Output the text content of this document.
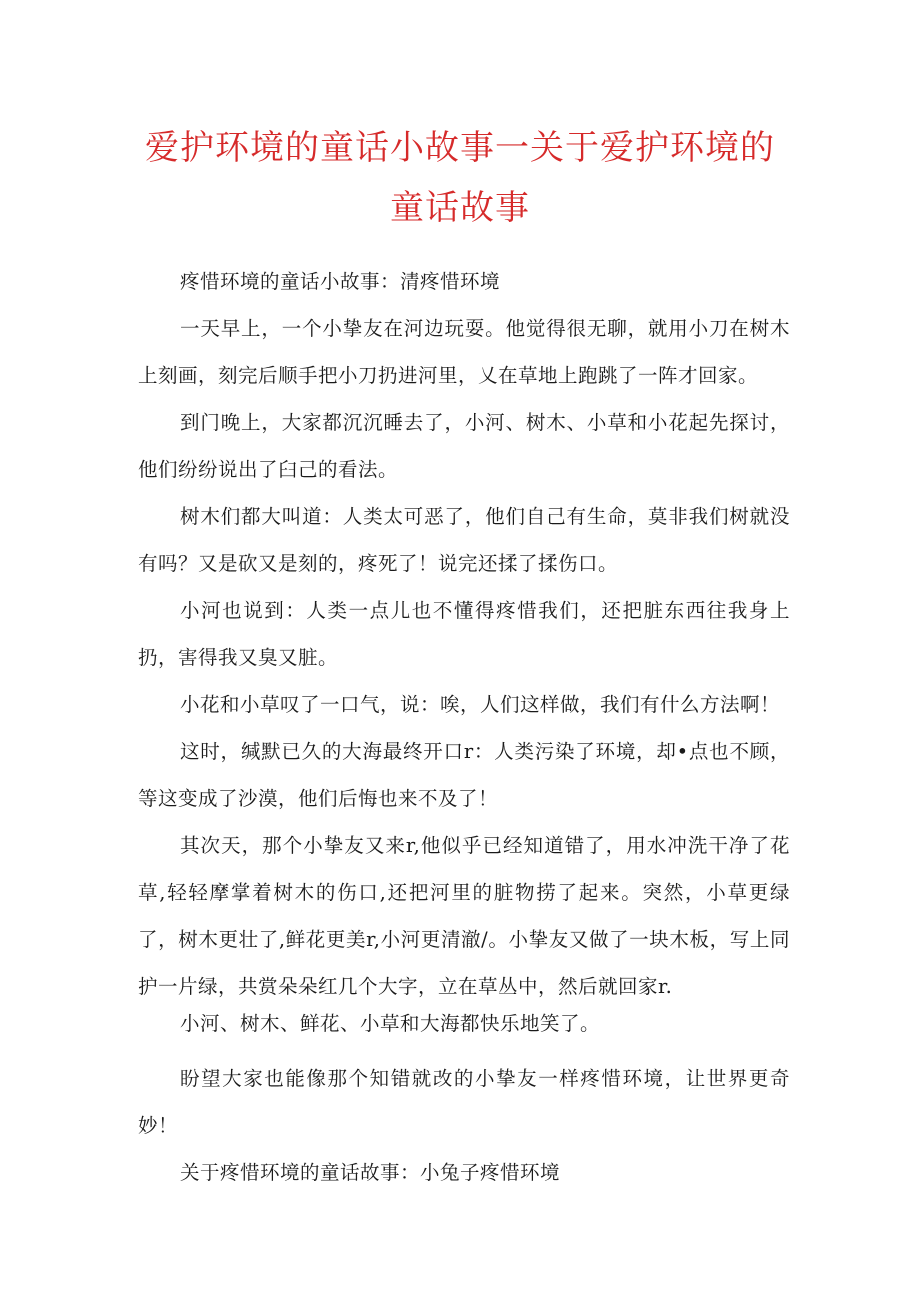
爱护环境的童话小故事一关于爱护环境的童话故事

疼惜环境的童话小故事：清疼惜环境

一天早上，一个小挚友在河边玩耍。他觉得很无聊，就用小刀在树木上刻画，刻完后顺手把小刀扔进河里，乂在草地上跑跳了一阵才回家。

到门晚上，大家都沉沉睡去了，小河、树木、小草和小花起先探讨，他们纷纷说出了臼己的看法。

树木们都大叫道：人类太可恶了，他们自己有生命，莫非我们树就没有吗？又是砍又是刻的，疼死了！说完还揉了揉伤口。

小河也说到：人类一点儿也不懂得疼惜我们，还把脏东西往我身上扔，害得我又臭又脏。

小花和小草叹了一口气，说：唉，人们这样做，我们有什么方法啊！

这时，缄默已久的大海最终开口r：人类污染了环境，却•点也不顾，等这变成了沙漠，他们后悔也来不及了！

其次天，那个小挚友又来r,他似乎已经知道错了，用水冲洗干净了花草,轻轻摩掌着树木的伤口,还把河里的脏物捞了起来。突然，小草更绿了，树木更壮了,鲜花更美r,小河更清澈/。小挚友又做了一块木板，写上同护一片绿，共赏朵朵红几个大字，立在草丛中，然后就回家r.

小河、树木、鲜花、小草和大海都快乐地笑了。

盼望大家也能像那个知错就改的小挚友一样疼惜环境，让世界更奇妙！

关于疼惜环境的童话故事：小兔子疼惜环境
